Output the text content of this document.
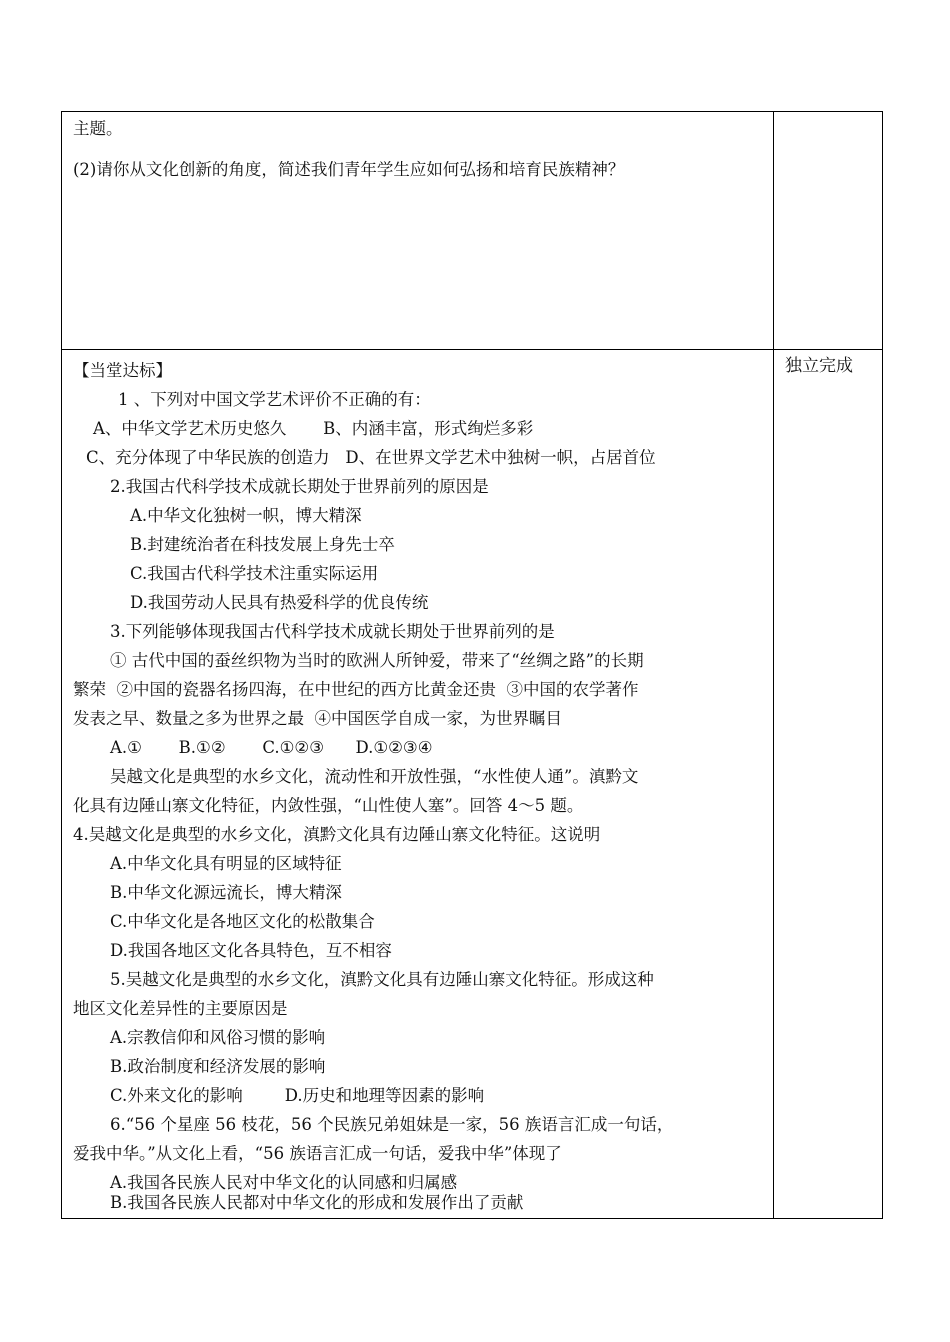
主题。
(2)请你从文化创新的角度，简述我们青年学生应如何弘扬和培育民族精神？
独立完成
【当堂达标】
1 、下列对中国文学艺术评价不正确的有：
A、中华文学艺术历史悠久       B、内涵丰富，形式绚烂多彩
C、充分体现了中华民族的创造力   D、在世界文学艺术中独树一帜，占居首位
2.我国古代科学技术成就长期处于世界前列的原因是
A.中华文化独树一帜，博大精深
B.封建统治者在科技发展上身先士卒
C.我国古代科学技术注重实际运用
D.我国劳动人民具有热爱科学的优良传统
3.下列能够体现我国古代科学技术成就长期处于世界前列的是
① 古代中国的蚕丝织物为当时的欧洲人所钟爱，带来了“丝绸之路”的长期
繁荣  ②中国的瓷器名扬四海，在中世纪的西方比黄金还贵  ③中国的农学著作
发表之早、数量之多为世界之最  ④中国医学自成一家，为世界瞩目
A.①       B.①②       C.①②③      D.①②③④
吴越文化是典型的水乡文化，流动性和开放性强，“水性使人通”。滇黔文
化具有边陲山寨文化特征，内敛性强，“山性使人塞”。回答 4～5 题。
4.吴越文化是典型的水乡文化，滇黔文化具有边陲山寨文化特征。这说明
A.中华文化具有明显的区域特征
B.中华文化源远流长，博大精深
C.中华文化是各地区文化的松散集合
D.我国各地区文化各具特色，互不相容
5.吴越文化是典型的水乡文化，滇黔文化具有边陲山寨文化特征。形成这种
地区文化差异性的主要原因是
A.宗教信仰和风俗习惯的影响
B.政治制度和经济发展的影响
C.外来文化的影响        D.历史和地理等因素的影响
6.“56 个星座 56 枝花，56 个民族兄弟姐妹是一家，56 族语言汇成一句话，
爱我中华。”从文化上看，“56 族语言汇成一句话，爱我中华”体现了
A.我国各民族人民对中华文化的认同感和归属感
B.我国各民族人民都对中华文化的形成和发展作出了贡献
